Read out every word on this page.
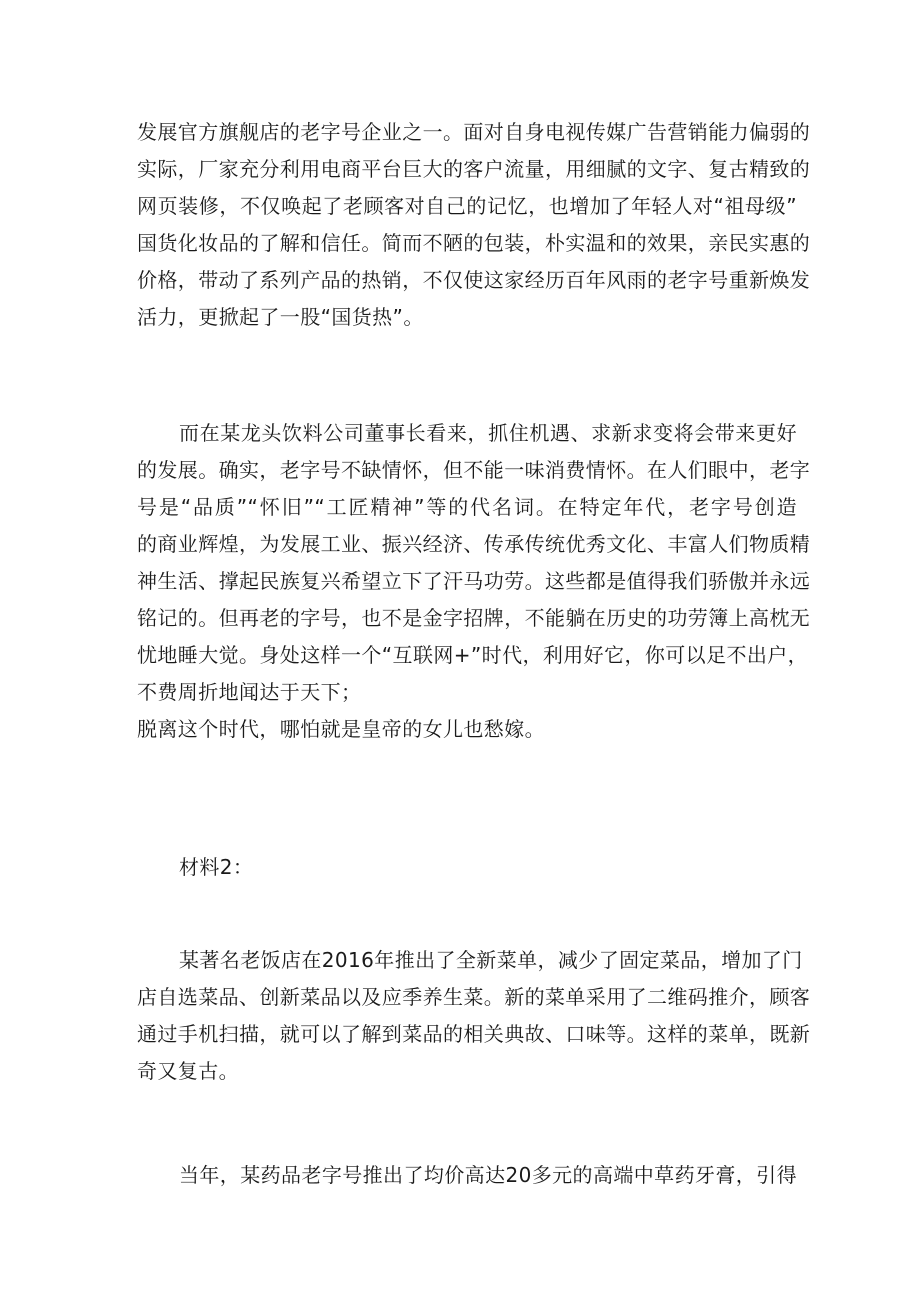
发展官方旗舰店的老字号企业之一。面对自身电视传媒广告营销能力偏弱的
实际，厂家充分利用电商平台巨大的客户流量，用细腻的文字、复古精致的
网页装修，不仅唤起了老顾客对自己的记忆，也增加了年轻人对“祖母级”
国货化妆品的了解和信任。简而不陋的包装，朴实温和的效果，亲民实惠的
价格，带动了系列产品的热销，不仅使这家经历百年风雨的老字号重新焕发
活力，更掀起了一股“国货热”。
而在某龙头饮料公司董事长看来，抓住机遇、求新求变将会带来更好
的发展。确实，老字号不缺情怀，但不能一味消费情怀。在人们眼中，老字
号是“品质”“怀旧”“工匠精神”等的代名词。在特定年代，老字号创造
的商业辉煌，为发展工业、振兴经济、传承传统优秀文化、丰富人们物质精
神生活、撑起民族复兴希望立下了汗马功劳。这些都是值得我们骄傲并永远
铭记的。但再老的字号，也不是金字招牌，不能躺在历史的功劳簿上高枕无
忧地睡大觉。身处这样一个“互联网+”时代，利用好它，你可以足不出户，
不费周折地闻达于天下；
脱离这个时代，哪怕就是皇帝的女儿也愁嫁。
材料2：
某著名老饭店在2016年推出了全新菜单，减少了固定菜品，增加了门
店自选菜品、创新菜品以及应季养生菜。新的菜单采用了二维码推介，顾客
通过手机扫描，就可以了解到菜品的相关典故、口味等。这样的菜单，既新
奇又复古。
当年，某药品老字号推出了均价高达20多元的高端中草药牙膏，引得
